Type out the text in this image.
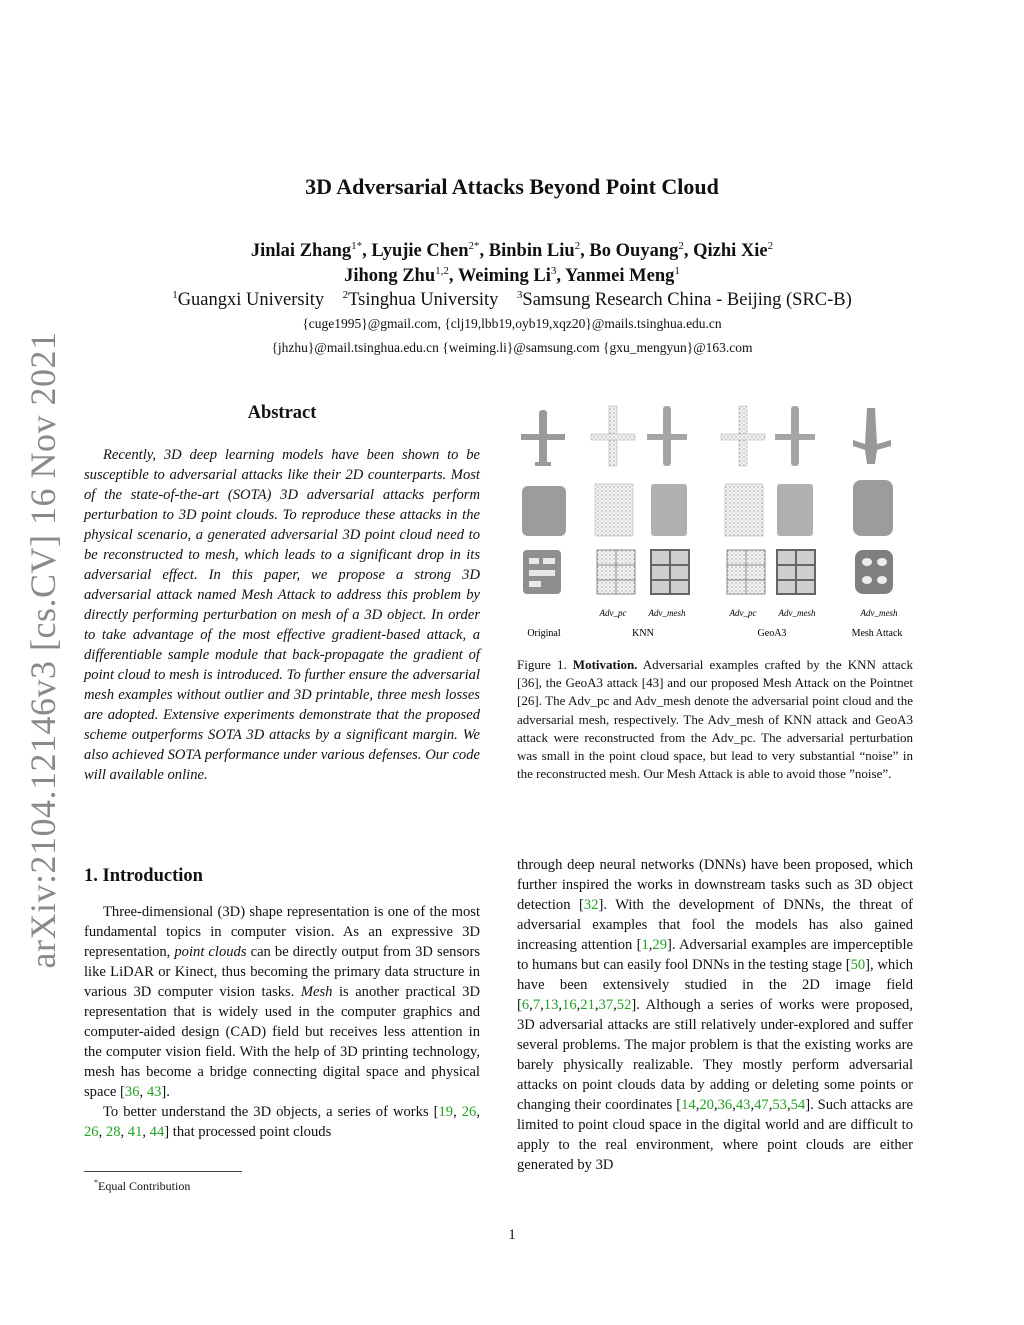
arXiv:2104.12146v3 [cs.CV] 16 Nov 2021
3D Adversarial Attacks Beyond Point Cloud
Jinlai Zhang$^{1*}$, Lyujie Chen$^{2*}$, Binbin Liu$^2$, Bo Ouyang$^2$, Qizhi Xie$^2$
Jihong Zhu$^{1,2}$, Weiming Li$^3$, Yanmei Meng$^1$
$^1$Guangxi University $^2$Tsinghua University $^3$Samsung Research China - Beijing (SRC-B)
{cuge1995}@gmail.com, {clj19,lbb19,oyb19,xqz20}@mails.tsinghua.edu.cn
{jhzhu}@mail.tsinghua.edu.cn {weiming.li}@samsung.com {gxu_mengyun}@163.com
Abstract

Recently, 3D deep learning models have been shown to be susceptible to adversarial attacks like their 2D counterparts. Most of the state-of-the-art (SOTA) 3D adversarial attacks perform perturbation to 3D point clouds. To reproduce these attacks in the physical scenario, a generated adversarial 3D point cloud need to be reconstructed to mesh, which leads to a significant drop in its adversarial effect. In this paper, we propose a strong 3D adversarial attack named Mesh Attack to address this problem by directly performing perturbation on mesh of a 3D object. In order to take advantage of the most effective gradient-based attack, a differentiable sample module that back-propagate the gradient of point cloud to mesh is introduced. To further ensure the adversarial mesh examples without outlier and 3D printable, three mesh losses are adopted. Extensive experiments demonstrate that the proposed scheme outperforms SOTA 3D attacks by a significant margin. We also achieved SOTA performance under various defenses. Our code will available online.

1. Introduction

Three-dimensional (3D) shape representation is one of the most fundamental topics in computer vision. As an expressive 3D representation, point clouds can be directly output from 3D sensors like LiDAR or Kinect, thus becoming the primary data structure in various 3D computer vision tasks. Mesh is another practical 3D representation that is widely used in the computer graphics and computer-aided design (CAD) field but receives less attention in the computer vision field. With the help of 3D printing technology, mesh has become a bridge connecting digital space and physical space [36, 43].

To better understand the 3D objects, a series of works [19, 26, 26, 28, 41, 44] that processed point clouds

through deep neural networks (DNNs) have been proposed, which further inspired the works in downstream tasks such as 3D object detection [32]. With the development of DNNs, the threat of adversarial examples that fool the models has also gained increasing attention [1,29]. Adversarial examples are imperceptible to humans but can easily fool DNNs in the testing stage [50], which have been extensively studied in the 2D image field [6,7,13,16,21,37,52]. Although a series of works were proposed, 3D adversarial attacks are still relatively under-explored and suffer several problems. The major problem is that the existing works are barely physically realizable. They mostly perform adversarial attacks on point clouds data by adding or deleting some points or changing their coordinates [14,20,36,43,47,53,54]. Such attacks are limited to point cloud space in the digital world and are difficult to apply to the real environment, where point clouds are either generated by 3D

*Equal Contribution
1
Adv_pc Adv_mesh	Adv_pc Adv_mesh	Adv_mesh
Original	KNN	GeoA3	Mesh Attack

Figure 1. Motivation. Adversarial examples crafted by the KNN attack [36], the GeoA3 attack [43] and our proposed Mesh Attack on the Pointnet [26]. The Adv_pc and Adv_mesh denote the adversarial point cloud and the adversarial mesh, respectively. The Adv_mesh of KNN attack and GeoA3 attack were reconstructed from the Adv_pc. The adversarial perturbation was small in the point cloud space, but lead to very substantial “noise” in the reconstructed mesh. Our Mesh Attack is able to avoid those ”noise”.
